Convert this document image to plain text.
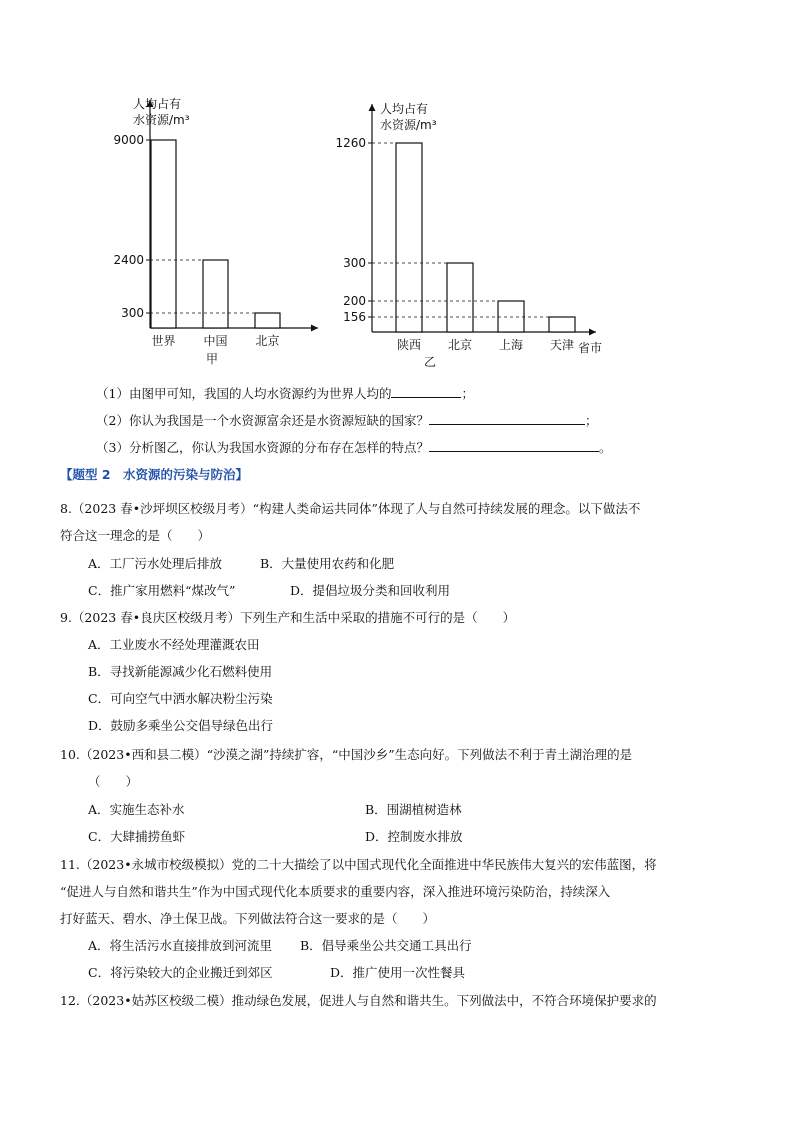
人均占有
水资源/m³
9000
世界
2400
中国
300
北京
甲
人均占有
水资源/m³
1260
陕西
300
北京
200
上海
156
天津
乙
省市
（1）由图甲可知，我国的人均水资源约为世界人均的	；
（2）你认为我国是一个水资源富余还是水资源短缺的国家？	；
（3）分析图乙，你认为我国水资源的分布存在怎样的特点？	。
【题型 2　水资源的污染与防治】
8.（2023 春•沙坪坝区校级月考）“构建人类命运共同体”体现了人与自然可持续发展的理念。以下做法不
符合这一理念的是（　　）
A．工厂污水处理后排放	B．大量使用农药和化肥
C．推广家用燃料“煤改气”	D．提倡垃圾分类和回收利用
9.（2023 春•良庆区校级月考）下列生产和生活中采取的措施不可行的是（　　）
A．工业废水不经处理灌溉农田
B．寻找新能源减少化石燃料使用
C．可向空气中洒水解决粉尘污染
D．鼓励多乘坐公交倡导绿色出行
10.（2023•西和县二模）“沙漠之湖”持续扩容，“中国沙乡”生态向好。下列做法不利于青土湖治理的是
（　　）
A．实施生态补水	B．围湖植树造林
C．大肆捕捞鱼虾	D．控制废水排放
11.（2023•永城市校级模拟）党的二十大描绘了以中国式现代化全面推进中华民族伟大复兴的宏伟蓝图，将
“促进人与自然和谐共生”作为中国式现代化本质要求的重要内容，深入推进环境污染防治，持续深入
打好蓝天、碧水、净土保卫战。下列做法符合这一要求的是（　　）
A．将生活污水直接排放到河流里 B．倡导乘坐公共交通工具出行
C．将污染较大的企业搬迁到郊区	D．推广使用一次性餐具
12.（2023•姑苏区校级二模）推动绿色发展，促进人与自然和谐共生。下列做法中，不符合环境保护要求的
